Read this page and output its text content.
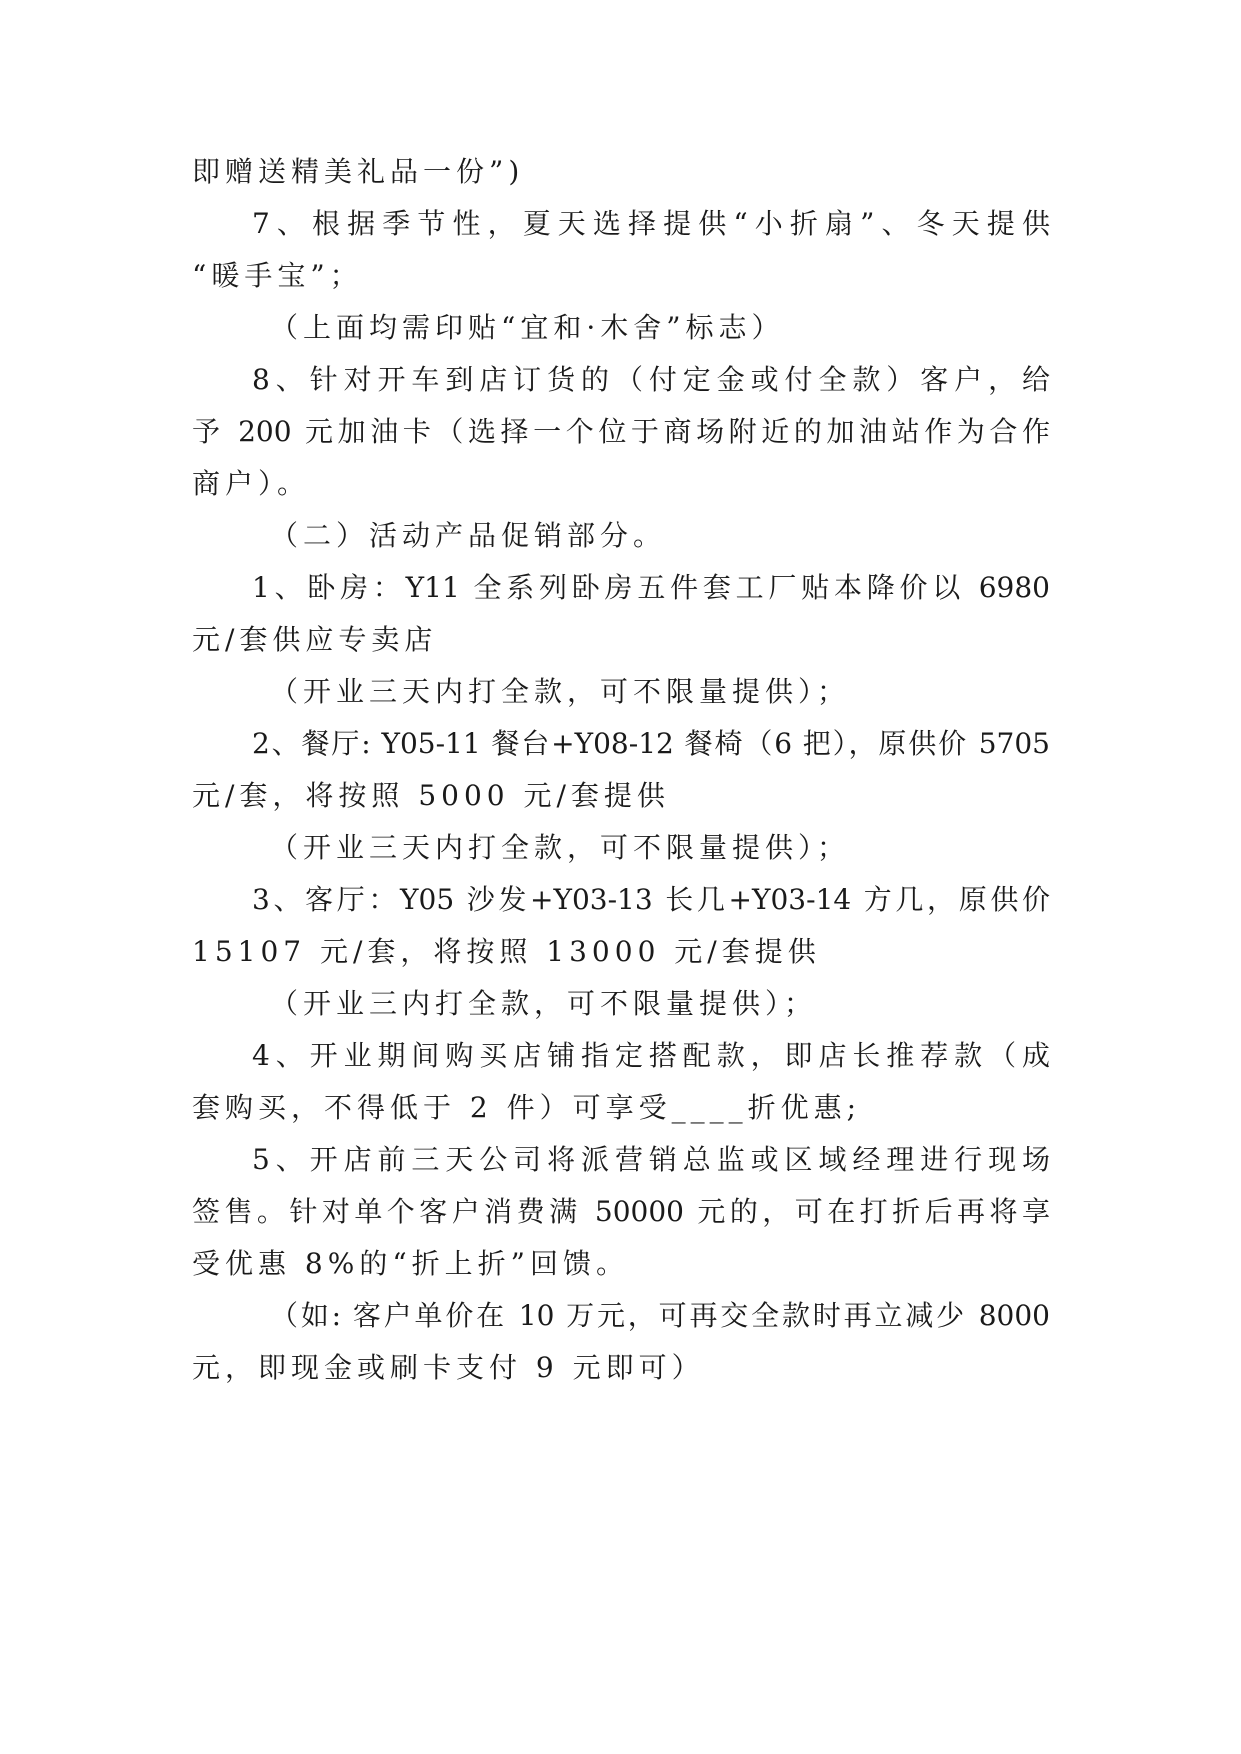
即赠送精美礼品一份”)
7、根据季节性，夏天选择提供“小折扇”、冬天提供
“暖手宝”；
（上面均需印贴“宜和·木舍”标志）
8、针对开车到店订货的（付定金或付全款）客户，给
予 200 元加油卡（选择一个位于商场附近的加油站作为合作
商户）。
（二）活动产品促销部分。
1、卧房：Y11 全系列卧房五件套工厂贴本降价以 6980
元/套供应专卖店
（开业三天内打全款，可不限量提供）；
2、餐厅: Y05-11 餐台+Y08-12 餐椅（6 把），原供价 5705
元/套，将按照 5000 元/套提供
（开业三天内打全款，可不限量提供）；
3、客厅：Y05 沙发+Y03-13 长几+Y03-14 方几，原供价
15107 元/套，将按照 13000 元/套提供
（开业三内打全款，可不限量提供）；
4、开业期间购买店铺指定搭配款，即店长推荐款（成
套购买，不得低于 2 件）可享受____折优惠;
5、开店前三天公司将派营销总监或区域经理进行现场
签售。针对单个客户消费满 50000 元的，可在打折后再将享
受优惠 8%的“折上折”回馈。
（如: 客户单价在 10 万元，可再交全款时再立减少 8000
元，即现金或刷卡支付 9 元即可）
